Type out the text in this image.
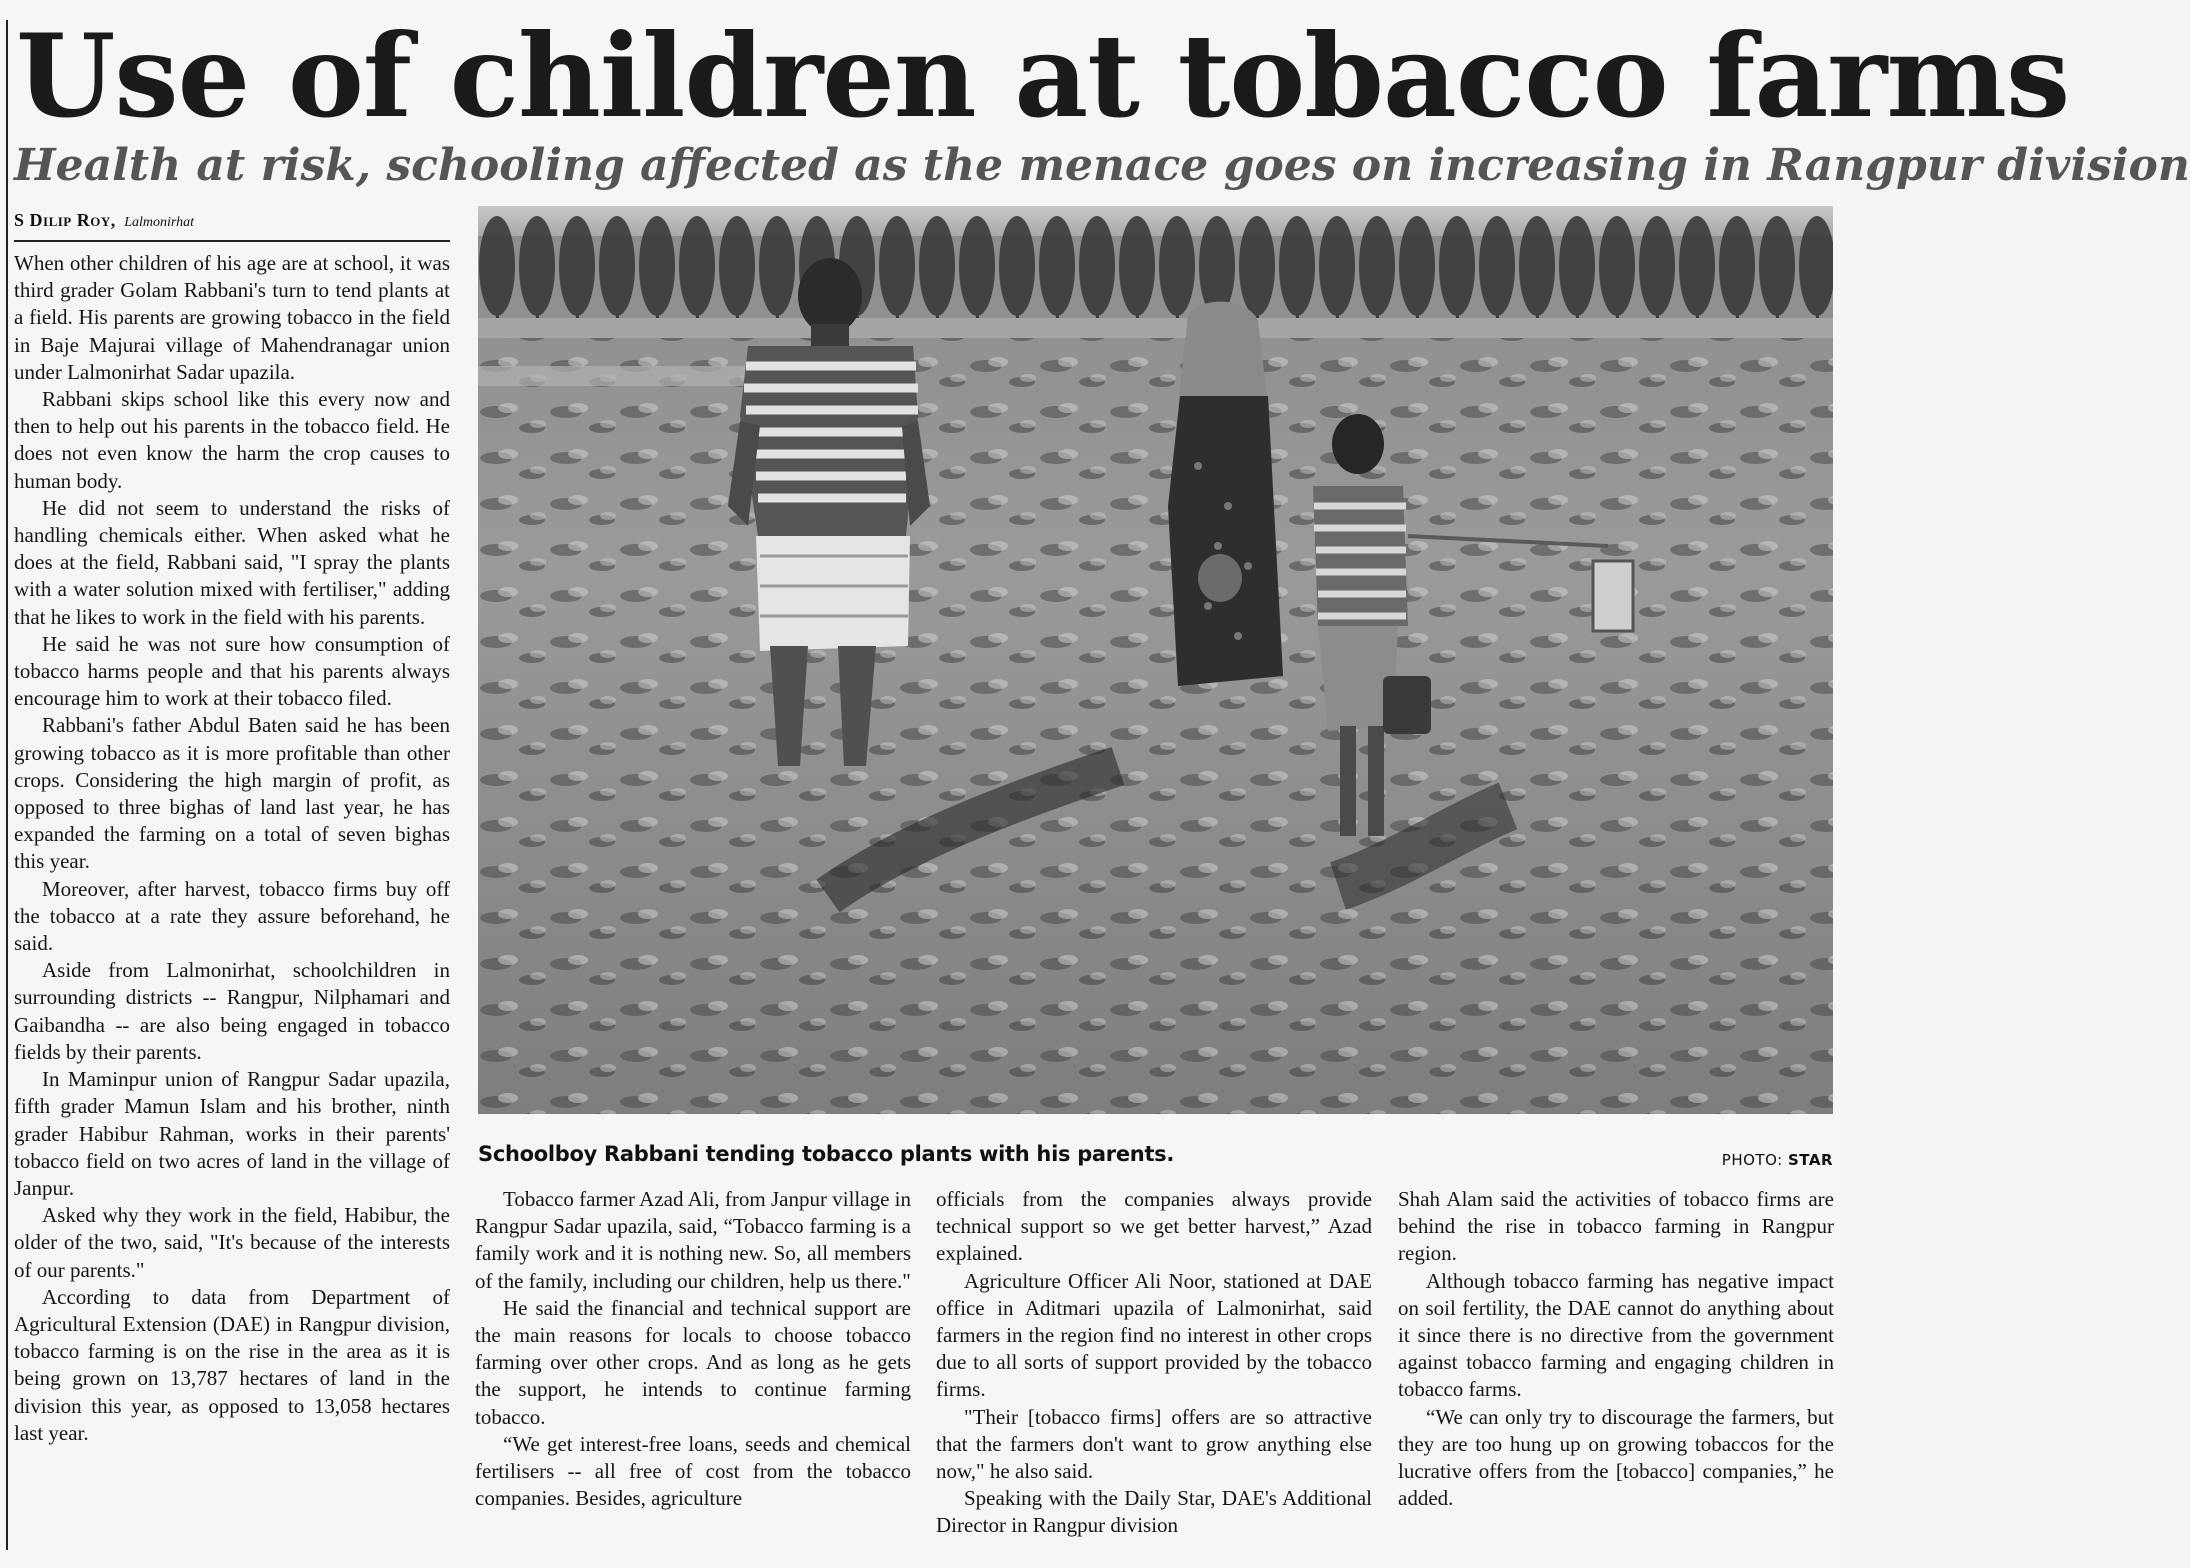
Use of children at tobacco farms
Health at risk, schooling affected as the menace goes on increasing in Rangpur division
S Dilip Roy, Lalmonirhat

When other children of his age are at school, it was third grader Golam Rabbani's turn to tend plants at a field. His parents are growing tobacco in the field in Baje Majurai village of Mahendranagar union under Lalmonirhat Sadar upazila.

Rabbani skips school like this every now and then to help out his parents in the tobacco field. He does not even know the harm the crop causes to human body.

He did not seem to understand the risks of handling chemicals either. When asked what he does at the field, Rabbani said, "I spray the plants with a water solution mixed with fertiliser," adding that he likes to work in the field with his parents.

He said he was not sure how consumption of tobacco harms people and that his parents always encourage him to work at their tobacco filed.

Rabbani's father Abdul Baten said he has been growing tobacco as it is more profitable than other crops. Considering the high margin of profit, as opposed to three bighas of land last year, he has expanded the farming on a total of seven bighas this year.

Moreover, after harvest, tobacco firms buy off the tobacco at a rate they assure beforehand, he said.

Aside from Lalmonirhat, schoolchildren in surrounding districts -- Rangpur, Nilphamari and Gaibandha -- are also being engaged in tobacco fields by their parents.

In Maminpur union of Rangpur Sadar upazila, fifth grader Mamun Islam and his brother, ninth grader Habibur Rahman, works in their parents' tobacco field on two acres of land in the village of Janpur.

Asked why they work in the field, Habibur, the older of the two, said, "It's because of the interests of our parents."

According to data from Department of Agricultural Extension (DAE) in Rangpur division, tobacco farming is on the rise in the area as it is being grown on 13,787 hectares of land in the division this year, as opposed to 13,058 hectares last year.

Schoolboy Rabbani tending tobacco plants with his parents.	PHOTO: STAR

Tobacco farmer Azad Ali, from Janpur village in Rangpur Sadar upazila, said, “Tobacco farming is a family work and it is nothing new. So, all members of the family, including our children, help us there."

He said the financial and technical support are the main reasons for locals to choose tobacco farming over other crops. And as long as he gets the support, he intends to continue farming tobacco.

“We get interest-free loans, seeds and chemical fertilisers -- all free of cost from the tobacco companies. Besides, agriculture

officials from the companies always provide technical support so we get better harvest,” Azad explained.

Agriculture Officer Ali Noor, stationed at DAE office in Aditmari upazila of Lalmonirhat, said farmers in the region find no interest in other crops due to all sorts of support provided by the tobacco firms.

"Their [tobacco firms] offers are so attractive that the farmers don't want to grow anything else now," he also said.

Speaking with the Daily Star, DAE's Additional Director in Rangpur division

Shah Alam said the activities of tobacco firms are behind the rise in tobacco farming in Rangpur region.

Although tobacco farming has negative impact on soil fertility, the DAE cannot do anything about it since there is no directive from the government against tobacco farming and engaging children in tobacco farms.

“We can only try to discourage the farmers, but they are too hung up on growing tobaccos for the lucrative offers from the [tobacco] companies,” he added.
